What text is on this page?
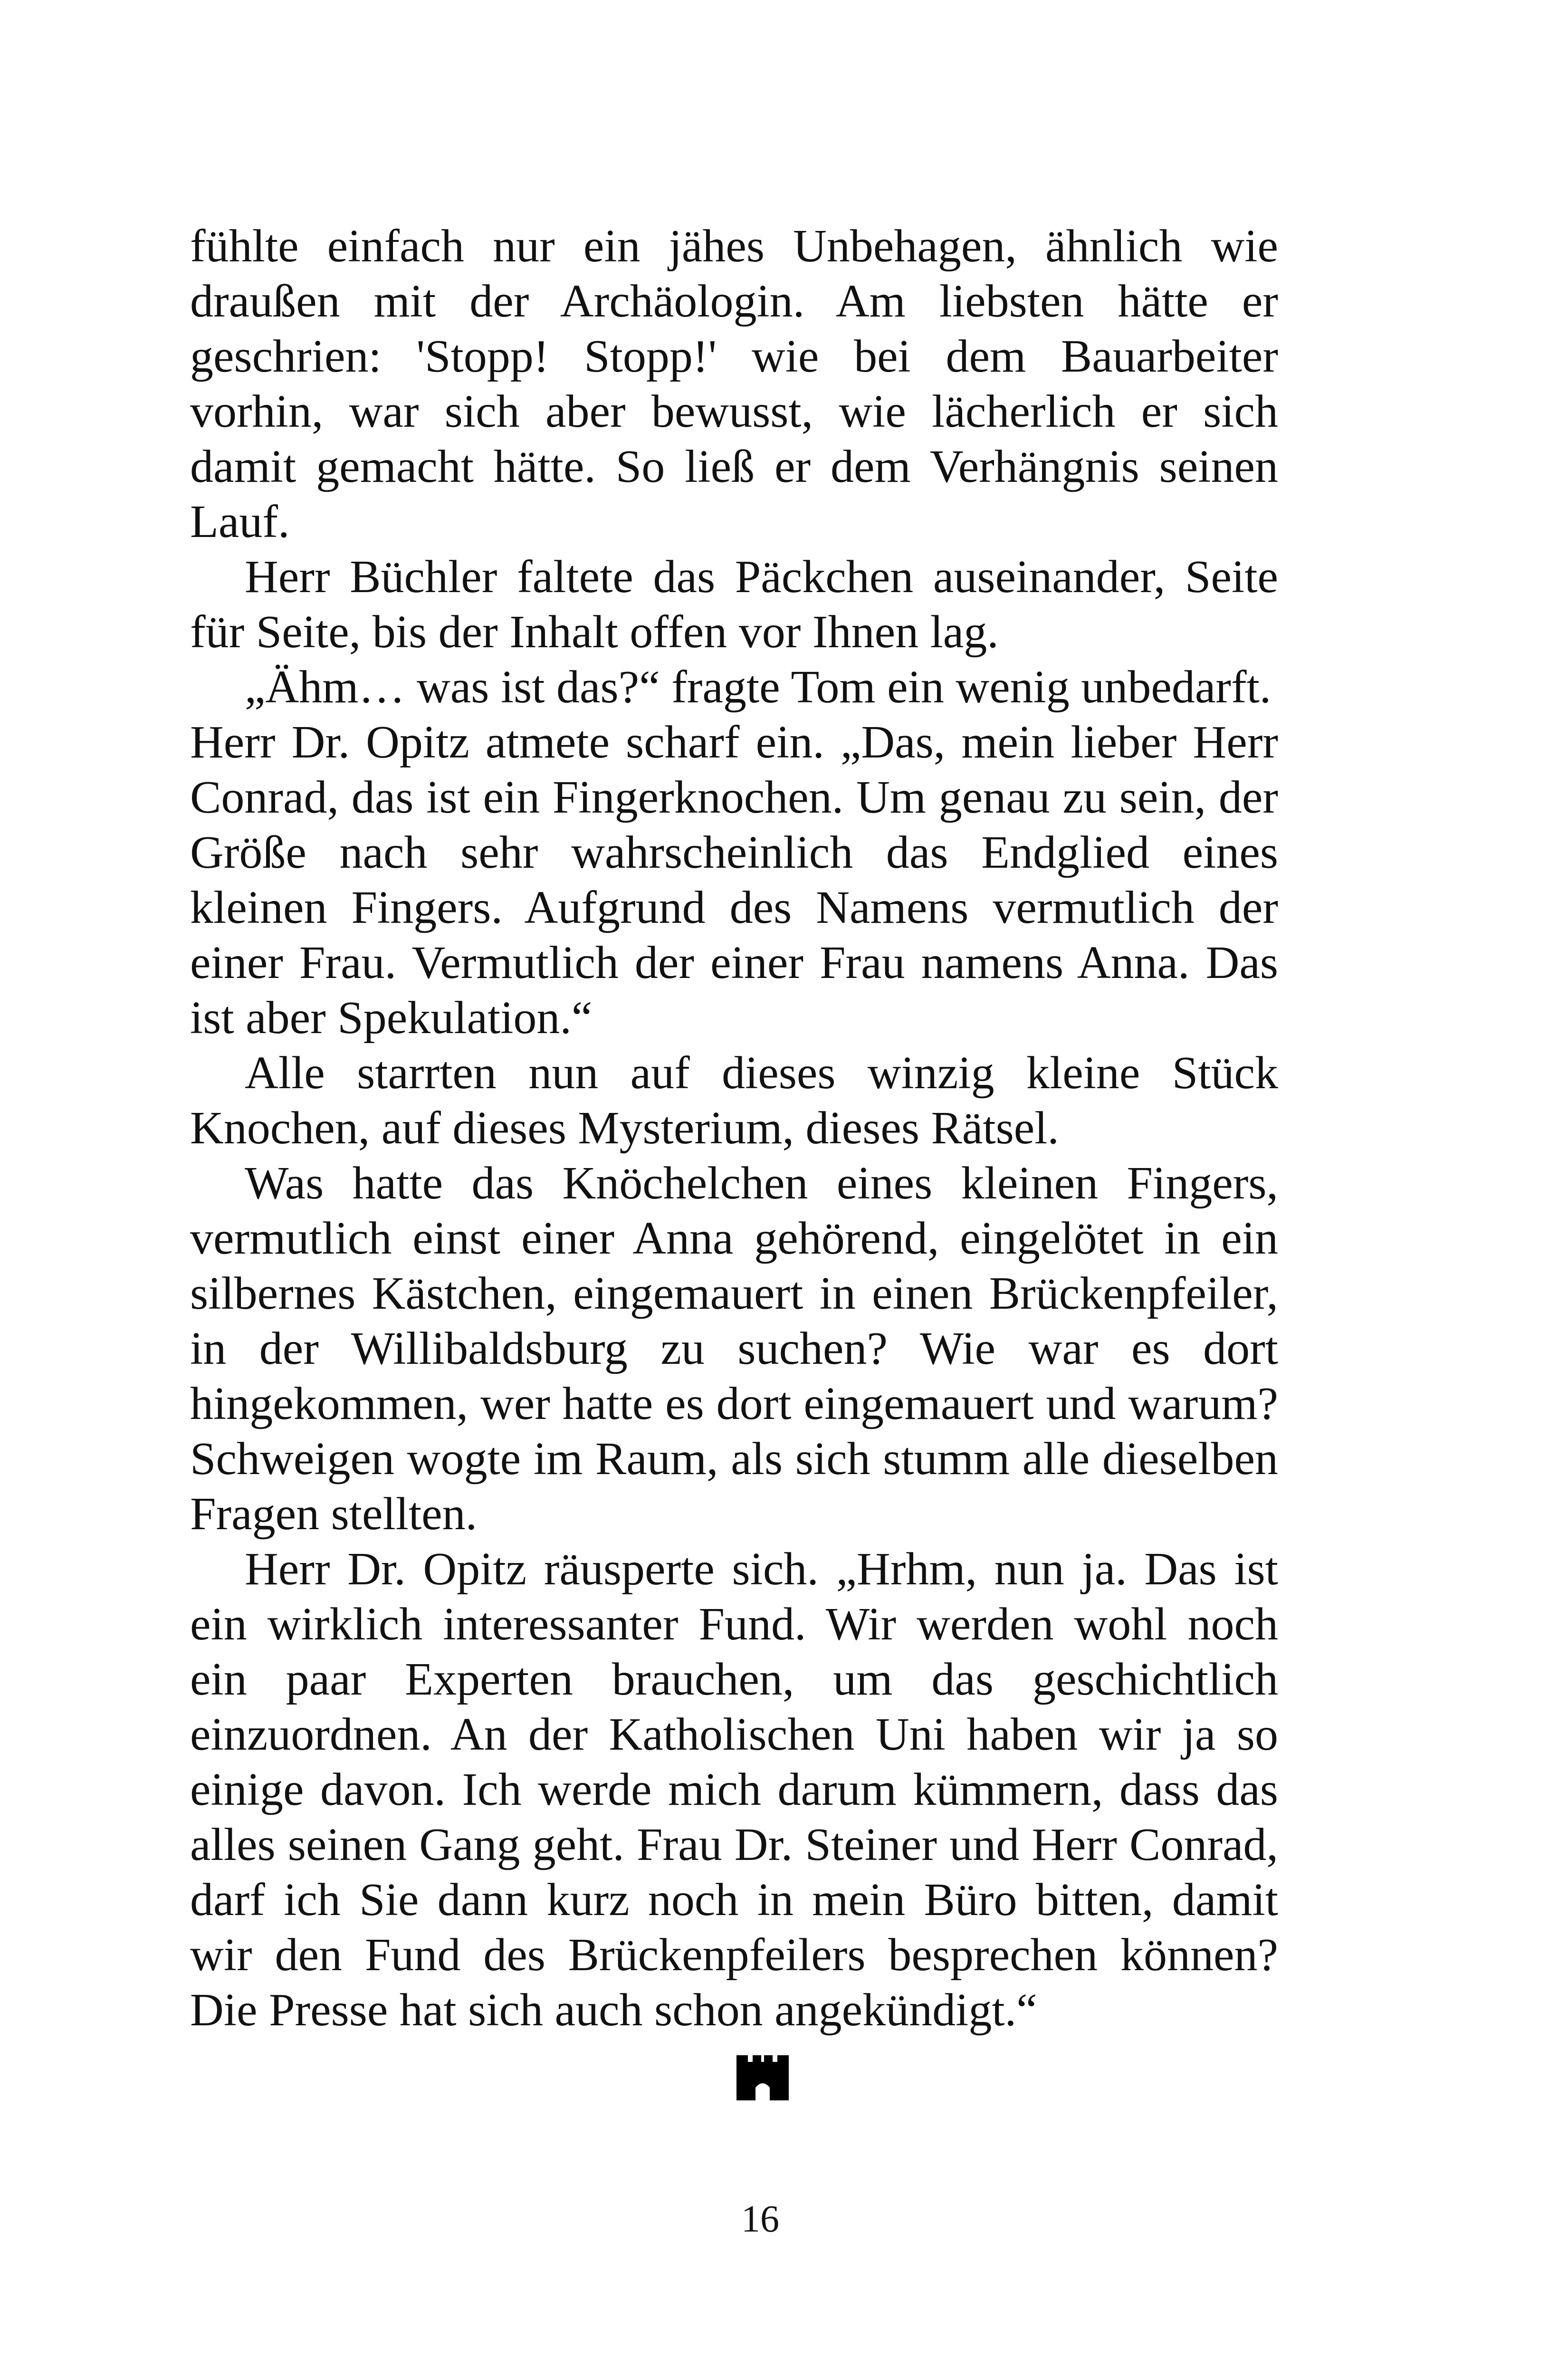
fühlte einfach nur ein jähes Unbehagen, ähnlich wie draußen mit der Archäologin. Am liebsten hätte er geschrien: 'Stopp! Stopp!' wie bei dem Bauarbeiter vorhin, war sich aber bewusst, wie lächerlich er sich damit gemacht hätte. So ließ er dem Verhängnis seinen Lauf.

Herr Büchler faltete das Päckchen auseinander, Seite für Seite, bis der Inhalt offen vor Ihnen lag.

„Ähm… was ist das?“ fragte Tom ein wenig unbedarft.

Herr Dr. Opitz atmete scharf ein. „Das, mein lieber Herr Conrad, das ist ein Fingerknochen. Um genau zu sein, der Größe nach sehr wahrscheinlich das Endglied eines kleinen Fingers. Aufgrund des Namens vermutlich der einer Frau. Vermutlich der einer Frau namens Anna. Das ist aber Spekulation.“

Alle starrten nun auf dieses winzig kleine Stück Knochen, auf dieses Mysterium, dieses Rätsel.

Was hatte das Knöchelchen eines kleinen Fingers, vermutlich einst einer Anna gehörend, eingelötet in ein silbernes Kästchen, eingemauert in einen Brückenpfeiler, in der Willibaldsburg zu suchen? Wie war es dort hingekommen, wer hatte es dort eingemauert und warum? Schweigen wogte im Raum, als sich stumm alle dieselben Fragen stellten.

Herr Dr. Opitz räusperte sich. „Hrhm, nun ja. Das ist ein wirklich interessanter Fund. Wir werden wohl noch ein paar Experten brauchen, um das geschichtlich einzuordnen. An der Katholischen Uni haben wir ja so einige davon. Ich werde mich darum kümmern, dass das alles seinen Gang geht. Frau Dr. Steiner und Herr Conrad, darf ich Sie dann kurz noch in mein Büro bitten, damit wir den Fund des Brückenpfeilers besprechen können? Die Presse hat sich auch schon angekündigt.“

16
